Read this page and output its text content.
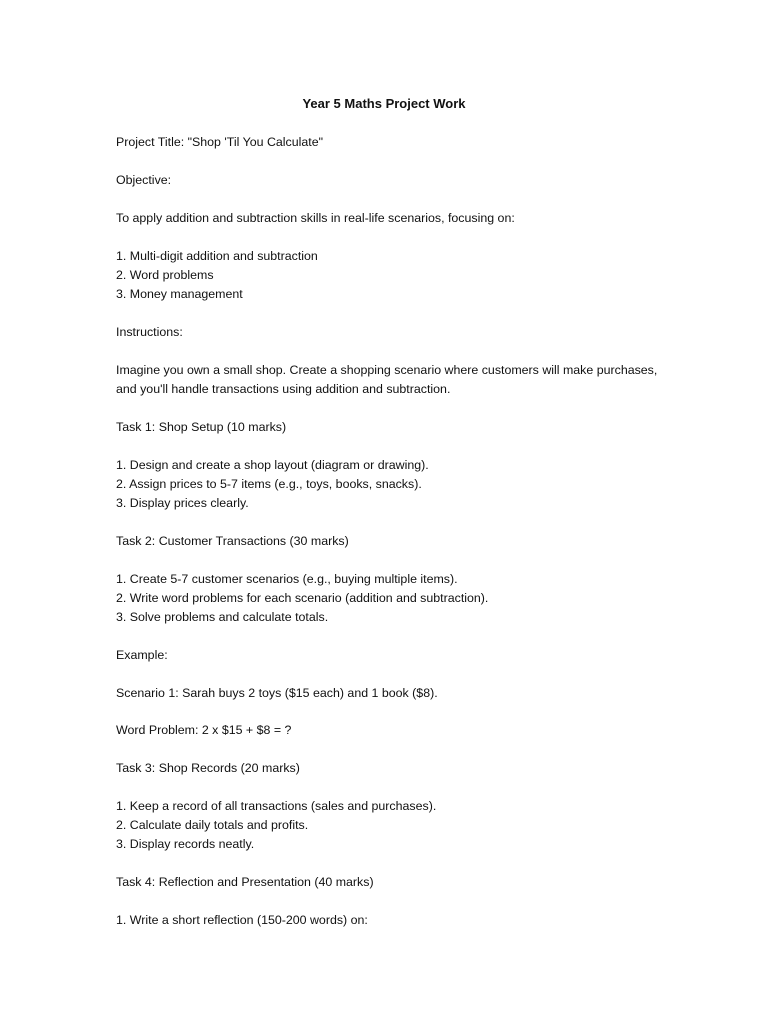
Year 5 Maths Project Work
Project Title: "Shop 'Til You Calculate"
Objective:
To apply addition and subtraction skills in real-life scenarios, focusing on:
1. Multi-digit addition and subtraction
2. Word problems
3. Money management
Instructions:
Imagine you own a small shop. Create a shopping scenario where customers will make purchases,
and you'll handle transactions using addition and subtraction.
Task 1: Shop Setup (10 marks)
1. Design and create a shop layout (diagram or drawing).
2. Assign prices to 5-7 items (e.g., toys, books, snacks).
3. Display prices clearly.
Task 2: Customer Transactions (30 marks)
1. Create 5-7 customer scenarios (e.g., buying multiple items).
2. Write word problems for each scenario (addition and subtraction).
3. Solve problems and calculate totals.
Example:
Scenario 1: Sarah buys 2 toys ($15 each) and 1 book ($8).
Word Problem: 2 x $15 + $8 = ?
Task 3: Shop Records (20 marks)
1. Keep a record of all transactions (sales and purchases).
2. Calculate daily totals and profits.
3. Display records neatly.
Task 4: Reflection and Presentation (40 marks)
1. Write a short reflection (150-200 words) on:
